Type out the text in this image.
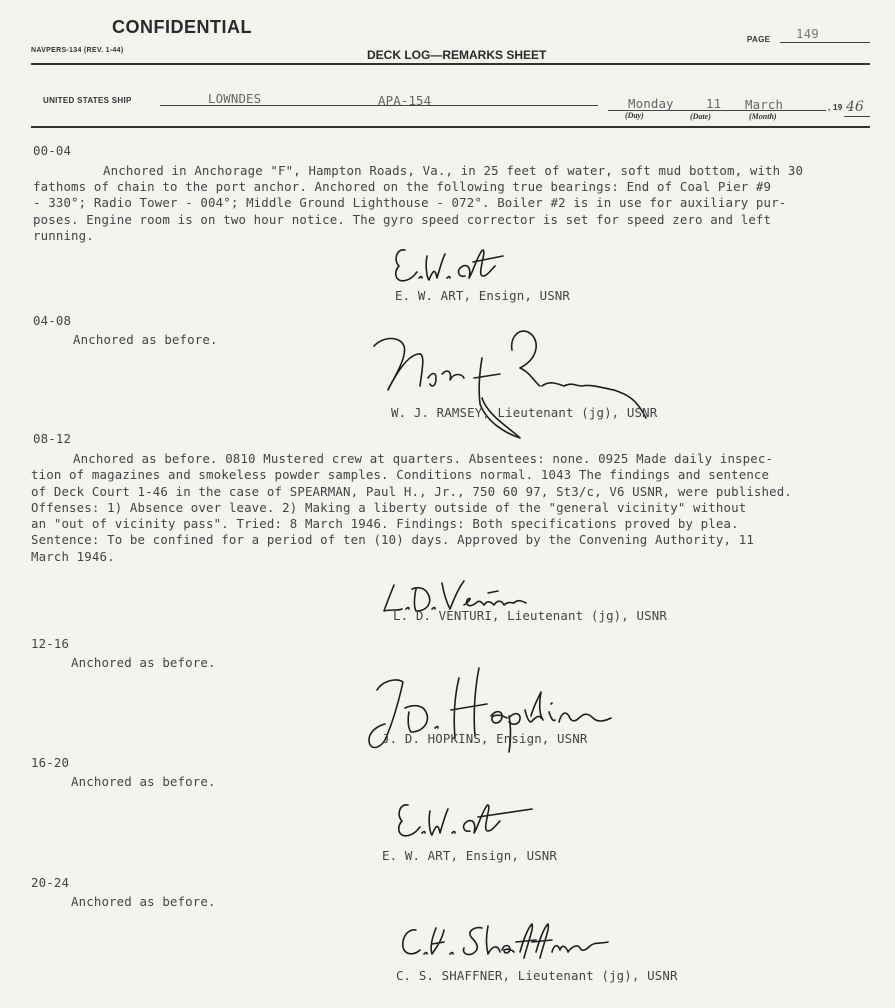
CONFIDENTIAL
NAVPERS-134 (REV. 1-44)	DECK LOG—REMARKS SHEET
PAGE 149
UNITED STATES SHIP	LOWNDES	APA-154	Monday	11 March
(Day)	(Date)	(Month)
, 19 46
00-04
Anchored in Anchorage "F", Hampton Roads, Va., in 25 feet of water, soft mud bottom, with 30
fathoms of chain to the port anchor. Anchored on the following true bearings: End of Coal Pier #9
- 330°; Radio Tower - 004°; Middle Ground Lighthouse - 072°. Boiler #2 is in use for auxiliary pur-
poses. Engine room is on two hour notice. The gyro speed corrector is set for speed zero and left
running.
E. W. ART, Ensign, USNR
04-08
Anchored as before.
W. J. RAMSEY, Lieutenant (jg), USNR
08-12
Anchored as before. 0810 Mustered crew at quarters. Absentees: none. 0925 Made daily inspec-
tion of magazines and smokeless powder samples. Conditions normal. 1043 The findings and sentence
of Deck Court 1-46 in the case of SPEARMAN, Paul H., Jr., 750 60 97, St3/c, V6 USNR, were published.
Offenses: 1) Absence over leave. 2) Making a liberty outside of the "general vicinity" without
an "out of vicinity pass". Tried: 8 March 1946. Findings: Both specifications proved by plea.
Sentence: To be confined for a period of ten (10) days. Approved by the Convening Authority, 11
March 1946.
L. D. VENTURI, Lieutenant (jg), USNR
12-16
Anchored as before.
J. D. HOPKINS, Ensign, USNR
16-20
Anchored as before.
E. W. ART, Ensign, USNR
20-24
Anchored as before.
C. S. SHAFFNER, Lieutenant (jg), USNR
